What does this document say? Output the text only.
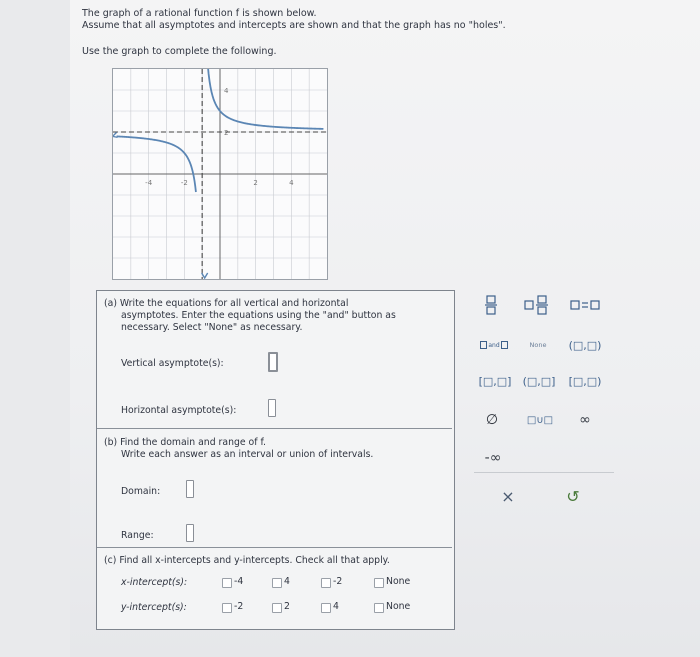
The graph of a rational function f is shown below.
Assume that all asymptotes and intercepts are shown and that the graph has no "holes".
Use the graph to complete the following.
-4	-2	2	4
4
2
(a) Write the equations for all vertical and horizontal
asymptotes. Enter the equations using the "and" button as
necessary. Select "None" as necessary.
Vertical asymptote(s):
Horizontal asymptote(s):
(b) Find the domain and range of f.
Write each answer as an interval or union of intervals.
Domain:
Range:
(c) Find all x-intercepts and y-intercepts. Check all that apply.
x-intercept(s):	-4	4	-2	None
y-intercept(s):	-2	2	4	None
and	None	(□,□)
[□,□] (□,□] [□,□)
∅	□∪□	∞
-∞
×	↺
